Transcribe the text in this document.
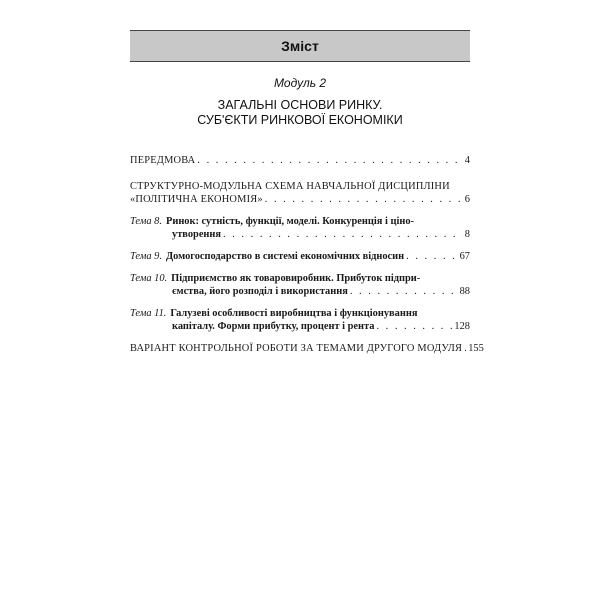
Зміст
Модуль 2
ЗАГАЛЬНІ ОСНОВИ РИНКУ.
СУБ'ЄКТИ РИНКОВОЇ ЕКОНОМІКИ
ПЕРЕДМОВА . . .	4
СТРУКТУРНО-МОДУЛЬНА СХЕМА НАВЧАЛЬНОЇ ДИСЦИПЛІНИ
«ПОЛІТИЧНА ЕКОНОМІЯ» . . .	6
Тема 8. Ринок: сутність, функції, моделі. Конкуренція і ціно-
утворення . . .	8
Тема 9. Домогосподарство в системі економічних відносин . . .	67
Тема 10. Підприємство як товаровиробник. Прибуток підпри-
ємства, його розподіл і використання . . .	88
Тема 11. Галузеві особливості виробництва і функціонування
капіталу. Форми прибутку, процент і рента . . .	128
ВАРІАНТ КОНТРОЛЬНОЇ РОБОТИ ЗА ТЕМАМИ ДРУГОГО МОДУЛЯ . . . 155
